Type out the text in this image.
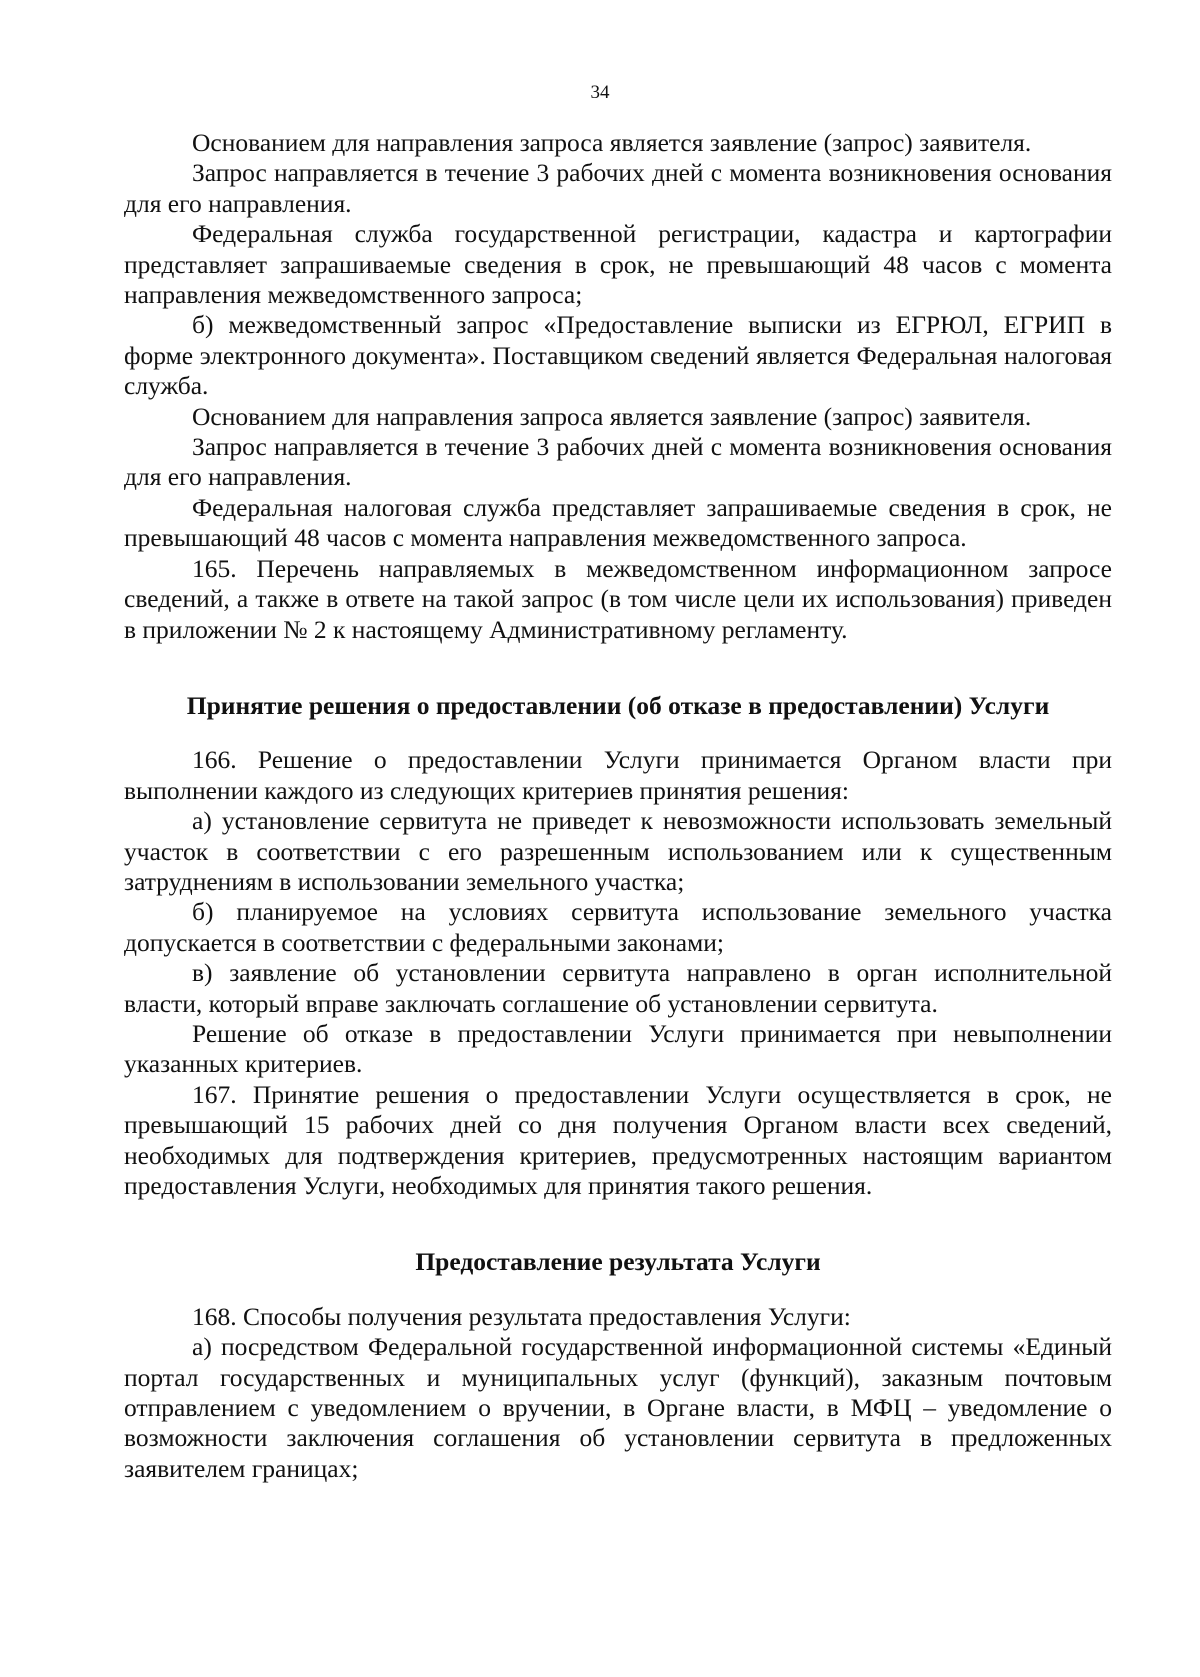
34

Основанием для направления запроса является заявление (запрос) заявителя.

Запрос направляется в течение 3 рабочих дней с момента возникновения основания для его направления.

Федеральная служба государственной регистрации, кадастра и картографии представляет запрашиваемые сведения в срок, не превышающий 48 часов с момента направления межведомственного запроса;

б) межведомственный запрос «Предоставление выписки из ЕГРЮЛ, ЕГРИП в форме электронного документа». Поставщиком сведений является Федеральная налоговая служба.

Основанием для направления запроса является заявление (запрос) заявителя.

Запрос направляется в течение 3 рабочих дней с момента возникновения основания для его направления.

Федеральная налоговая служба представляет запрашиваемые сведения в срок, не превышающий 48 часов с момента направления межведомственного запроса.

165. Перечень направляемых в межведомственном информационном запросе сведений, а также в ответе на такой запрос (в том числе цели их использования) приведен в приложении № 2 к настоящему Административному регламенту.

Принятие решения о предоставлении (об отказе в предоставлении) Услуги

166. Решение о предоставлении Услуги принимается Органом власти при выполнении каждого из следующих критериев принятия решения:

а) установление сервитута не приведет к невозможности использовать земельный участок в соответствии с его разрешенным использованием или к существенным затруднениям в использовании земельного участка;

б) планируемое на условиях сервитута использование земельного участка допускается в соответствии с федеральными законами;

в) заявление об установлении сервитута направлено в орган исполнительной власти, который вправе заключать соглашение об установлении сервитута.

Решение об отказе в предоставлении Услуги принимается при невыполнении указанных критериев.

167. Принятие решения о предоставлении Услуги осуществляется в срок, не превышающий 15 рабочих дней со дня получения Органом власти всех сведений, необходимых для подтверждения критериев, предусмотренных настоящим вариантом предоставления Услуги, необходимых для принятия такого решения.

Предоставление результата Услуги

168. Способы получения результата предоставления Услуги:

а) посредством Федеральной государственной информационной системы «Единый портал государственных и муниципальных услуг (функций), заказным почтовым отправлением с уведомлением о вручении, в Органе власти, в МФЦ – уведомление о возможности заключения соглашения об установлении сервитута в предложенных заявителем границах;
